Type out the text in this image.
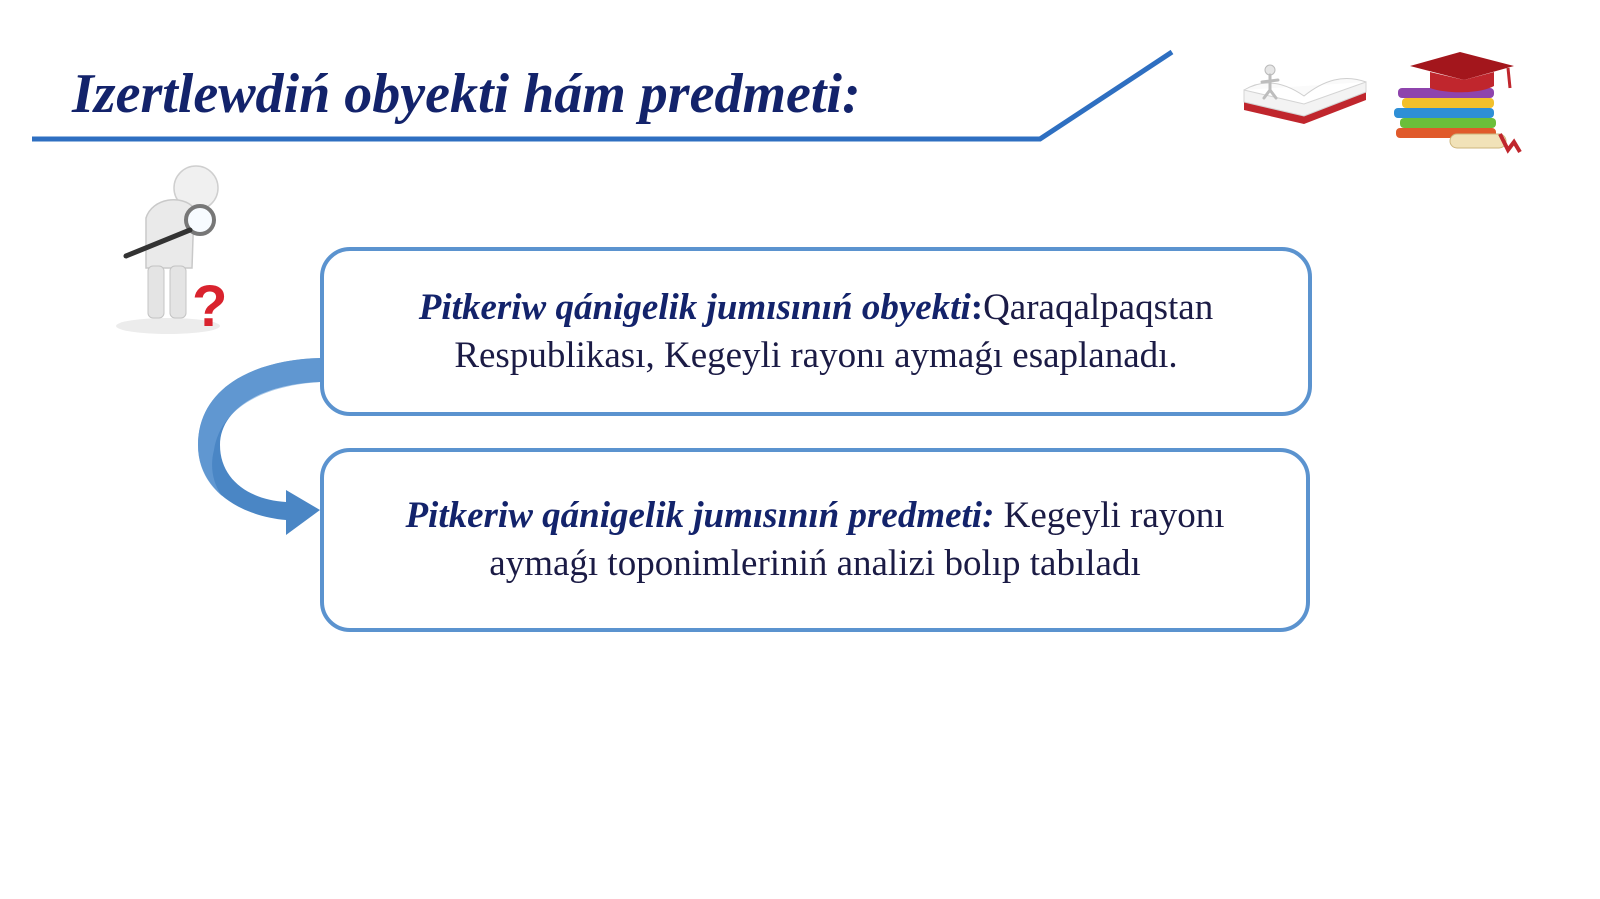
Izertlewdiń obyekti hám predmeti:
?	Pitkeriw qánigelik jumısınıń obyekti:Qaraqalpaqstan Respublikası, Kegeyli rayonı aymaǵı esaplanadı.
Pitkeriw qánigelik jumısınıń predmeti: Kegeyli rayonı aymaǵı toponimleriniń analizi bolıp tabıladı
